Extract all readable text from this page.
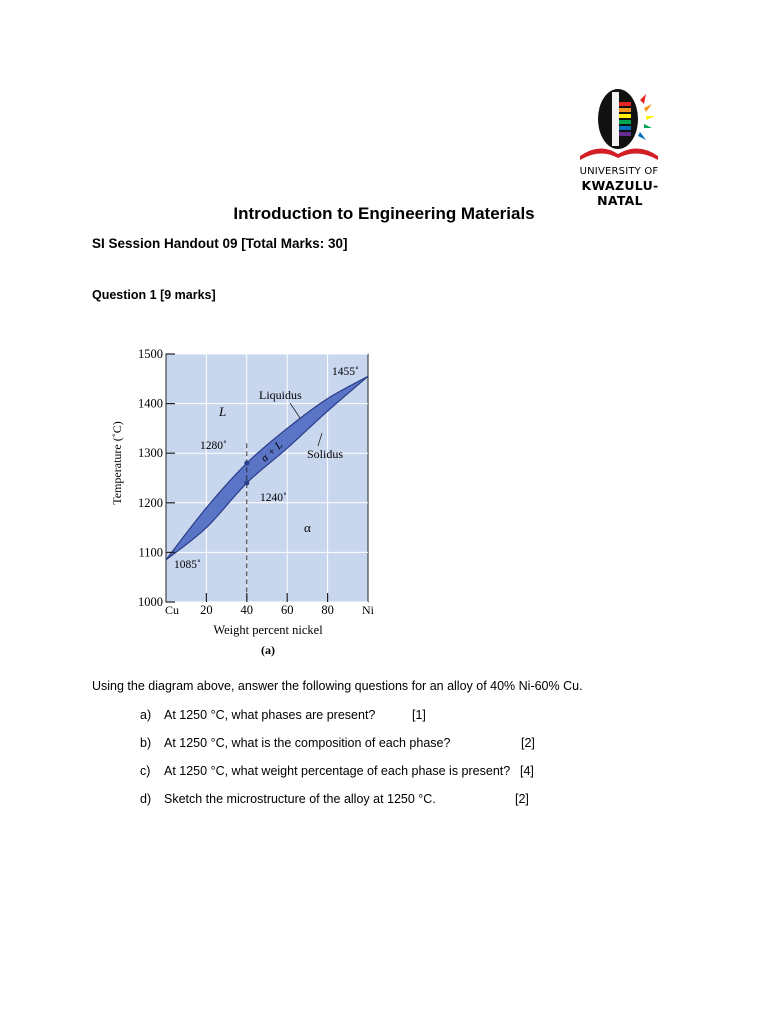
UNIVERSITY OF
KWAZULU-NATAL
Introduction to Engineering Materials
SI Session Handout 09 [Total Marks: 30]
Question 1 [9 marks]
1000
1100
1200
1300
1400
1500
20 40 60 80
Temperature (˚C)
Weight percent nickel
(a)
Cu	Ni
L
α
α + L
Liquidus
Solidus
1455˚
1280˚
1240˚
1085˚
Using the diagram above, answer the following questions for an alloy of 40% Ni-60% Cu.
a) At 1250 °C, what phases are present?	[1]
b) At 1250 °C, what is the composition of each phase?	[2]
c) At 1250 °C, what weight percentage of each phase is present? [4]
d) Sketch the microstructure of the alloy at 1250 °C.	[2]
